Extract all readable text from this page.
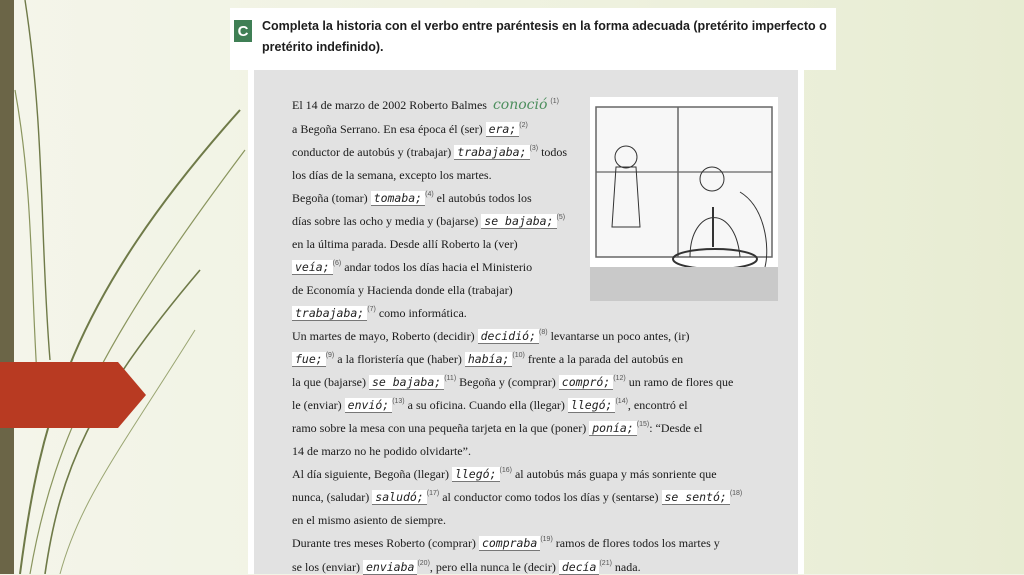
C Completa la historia con el verbo entre paréntesis en la forma adecuada (pretérito imperfecto o pretérito indefinido).
El 14 de marzo de 2002 Roberto Balmes conoció $^{(1)}$
a Begoña Serrano. En esa época él (ser) era; $^{(2)}$
conductor de autobús y (trabajar) trabajaba; $^{(3)}$ todos
los días de la semana, excepto los martes.
Begoña (tomar) tomaba; $^{(4)}$ el autobús todos los
días sobre las ocho y media y (bajarse) se bajaba; $^{(5)}$
en la última parada. Desde allí Roberto la (ver)
veía; $^{(6)}$ andar todos los días hacia el Ministerio
de Economía y Hacienda donde ella (trabajar)
trabajaba; $^{(7)}$ como informática.
Un martes de mayo, Roberto (decidir) decidió; $^{(8)}$ levantarse un poco antes, (ir)
fue; $^{(9)}$ a la floristería que (haber) había; $^{(10)}$ frente a la parada del autobús en
la que (bajarse) se bajaba; $^{(11)}$ Begoña y (comprar) compró; $^{(12)}$ un ramo de flores que
le (enviar) envió; $^{(13)}$ a su oficina. Cuando ella (llegar) llegó; $^{(14)}$, encontró el
ramo sobre la mesa con una pequeña tarjeta en la que (poner) ponía; $^{(15)}$: “Desde el
14 de marzo no he podido olvidarte”.
Al día siguiente, Begoña (llegar) llegó; $^{(16)}$ al autobús más guapa y más sonriente que
nunca, (saludar) saludó; $^{(17)}$ al conductor como todos los días y (sentarse) se sentó; $^{(18)}$
en el mismo asiento de siempre.
Durante tres meses Roberto (comprar) compraba $^{(19)}$ ramos de flores todos los martes y
se los (enviar) enviaba $^{(20)}$, pero ella nunca le (decir) decía $^{(21)}$ nada.
